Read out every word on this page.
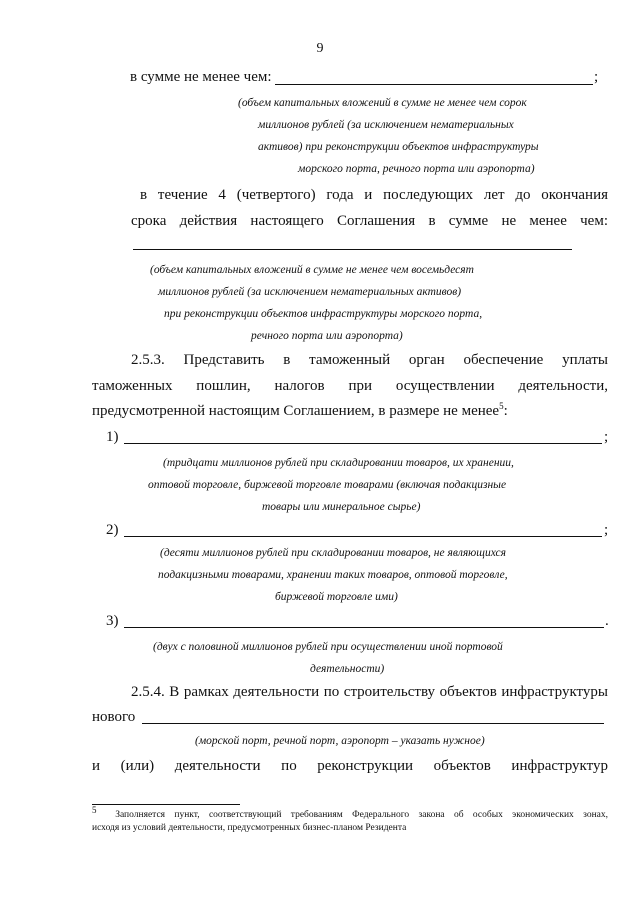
9
в сумме не менее чем:	;
(объем капитальных вложений в сумме не менее чем сорок
миллионов рублей (за исключением нематериальных
активов) при реконструкции объектов инфраструктуры
морского порта, речного порта или аэропорта)
в течение 4 (четвертого) года и последующих лет до окончания
срока действия настоящего Соглашения в сумме не менее чем:
(объем капитальных вложений в сумме не менее чем восемьдесят
миллионов рублей (за исключением нематериальных активов)
при реконструкции объектов инфраструктуры морского порта,
речного порта или аэропорта)
2.5.3. Представить в таможенный орган обеспечение уплаты
таможенных пошлин, налогов при осуществлении деятельности,
предусмотренной настоящим Соглашением, в размере не менее$^5$:
1)	;
(тридцати миллионов рублей при складировании товаров, их хранении,
оптовой торговле, биржевой торговле товарами (включая подакцизные
товары или минеральное сырье)
2)	;
(десяти миллионов рублей при складировании товаров, не являющихся
подакцизными товарами, хранении таких товаров, оптовой торговле,
биржевой торговле ими)
3)	.
(двух с половиной миллионов рублей при осуществлении иной портовой
деятельности)
2.5.4. В рамках деятельности по строительству объектов инфраструктуры
нового
(морской порт, речной порт, аэропорт – указать нужное)
и (или) деятельности по реконструкции объектов инфраструктур
$^5$  Заполняется пункт, соответствующий требованиям Федерального закона об особых экономических зонах,
исходя из условий деятельности, предусмотренных бизнес-планом Резидента
